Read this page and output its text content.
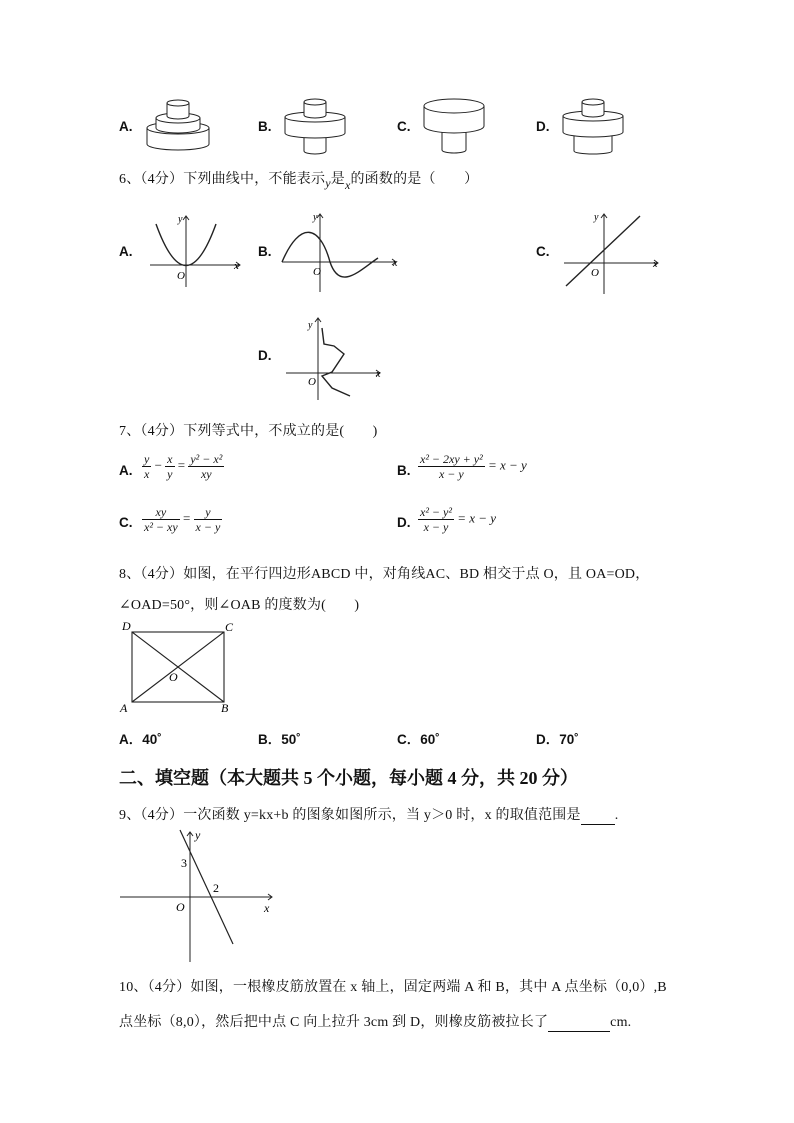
A.	B.	C.	D.
6、（4分）下列曲线中，不能表示y是x的函数的是（　　）
A.
O
x
y
B.
O
x
y
C.
O
x
y
D.
O
x
y
7、（4分）下列等式中，不成立的是(　　)
A. $\frac{y}{x} - \frac{x}{y} = \frac{\text{y² − x²}}{xy}$	B. $\frac{\text{x² − 2xy + y²}}{x - y} = x - y$
C. $\frac{xy}{\text{x² − xy}} = \frac{y}{x - y}$	D. $\frac{\text{x² − y²}}{x - y} = x - y$
8、（4分）如图，在平行四边形ABCD 中，对角线AC、BD 相交于点 O，且 OA=OD，
∠OAD=50°，则∠OAB 的度数为(　　)
D	C
A	B
O
A．40˚	B．50˚	C．60˚	D．70˚
二、填空题（本大题共 5 个小题，每小题 4 分，共 20 分）
9、（4分）一次函数 y=kx+b 的图象如图所示，当 y＞0 时，x 的取值范围是 .
y
x
O
3
2
10、（4分）如图，一根橡皮筋放置在 x 轴上，固定两端 A 和 B，其中 A 点坐标（0,0）,B
点坐标（8,0），然后把中点 C 向上拉升 3cm 到 D，则橡皮筋被拉长了	cm.
